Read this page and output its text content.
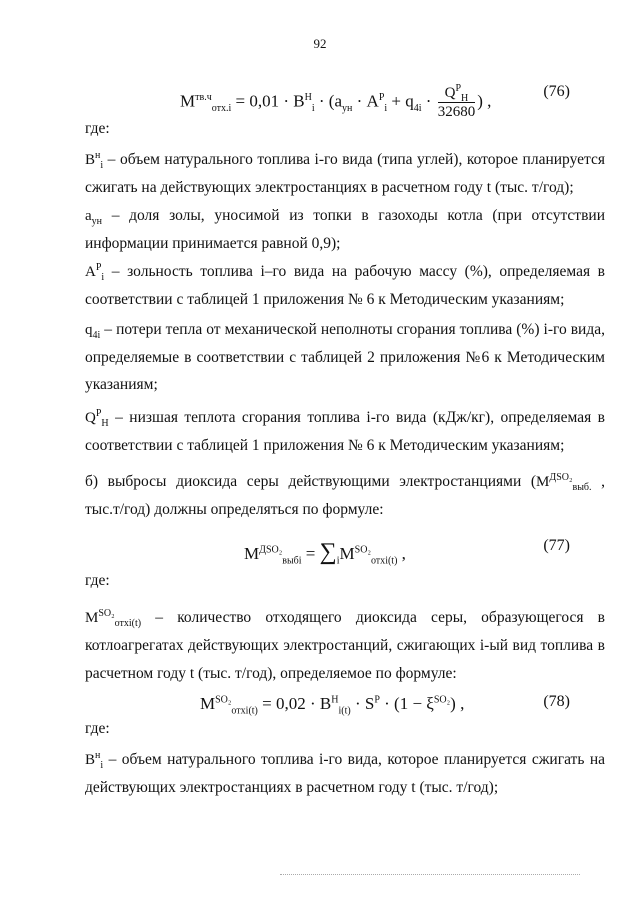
92
$M^{тв.ч}_{отх.i} = 0,01 \cdot B^H_i \cdot (a_{ун} \cdot A^P_i + q_{4i} \cdot \frac{Q^P_H}{32680}$ ) ,	(76)
где:
$B^н_i$ – объем натурального топлива i-го вида (типа углей), которое планируется сжигать на действующих электростанциях в расчетном году t (тыс. т/год);
$a_{ун}$ – доля золы, уносимой из топки в газоходы котла (при отсутствии информации принимается равной 0,9);
$A^P_i$ – зольность топлива i–го вида на рабочую массу (%), определяемая в соответствии с таблицей 1 приложения № 6 к Методическим указаниям;
$q_{4i}$ – потери тепла от механической неполноты сгорания топлива (%) i-го вида, определяемые в соответствии с таблицей 2 приложения №6 к Методическим указаниям;
$Q^P_H$ – низшая теплота сгорания топлива i-го вида (кДж/кг), определяемая в соответствии с таблицей 1 приложения № 6 к Методическим указаниям;
б) выбросы диоксида серы действующими электростанциями ($M^{ДSO_2}_{выб.}$ , тыс.т/год) должны определяться по формуле:
$M^{ДSO_2}_{выбi} = \sum_iM^{SO_2}_{отхi(t)}$ ,	(77)
где:
$M^{SO_2}_{отхi(t)}$ – количество отходящего диоксида серы, образующегося в котлоагрегатах действующих электростанций, сжигающих i-ый вид топлива в расчетном году t (тыс. т/год), определяемое по формуле:
$M^{SO_2}_{отхi(t)} = 0,02 \cdot B^H_{i(t)} \cdot S^P \cdot (1 - \xi^{SO_2})$ ,	(78)
где:
$B^н_i$ – объем натурального топлива i-го вида, которое планируется сжигать на действующих электростанциях в расчетном году t (тыс. т/год);
